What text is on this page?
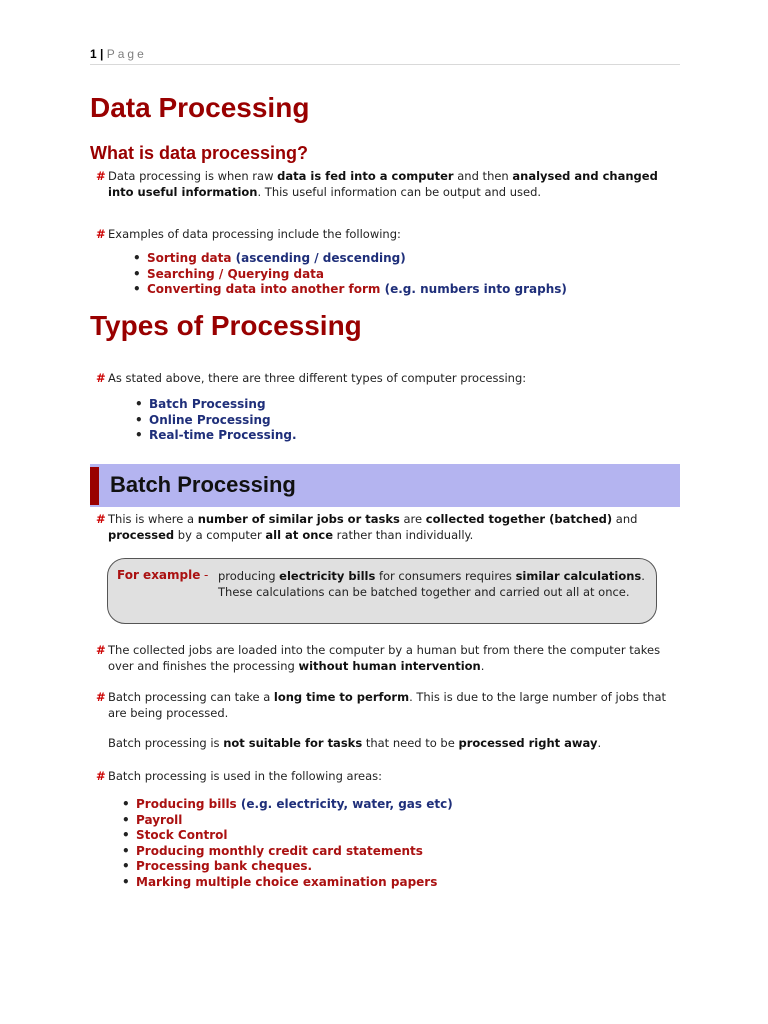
1 | Page
Data Processing
What is data processing?
# Data processing is when raw data is fed into a computer and then analysed and changed into useful information. This useful information can be output and used.
# Examples of data processing include the following:
• Sorting data (ascending / descending)
• Searching / Querying data
• Converting data into another form (e.g. numbers into graphs)
Types of Processing
# As stated above, there are three different types of computer processing:
• Batch Processing
• Online Processing
• Real-time Processing.
Batch Processing
# This is where a number of similar jobs or tasks are collected together (batched) and processed by a computer all at once rather than individually.
For example - producing electricity bills for consumers requires similar calculations. These calculations can be batched together and carried out all at once.
# The collected jobs are loaded into the computer by a human but from there the computer takes over and finishes the processing without human intervention.
# Batch processing can take a long time to perform. This is due to the large number of jobs that are being processed.
Batch processing is not suitable for tasks that need to be processed right away.
# Batch processing is used in the following areas:
• Producing bills (e.g. electricity, water, gas etc)
• Payroll
• Stock Control
• Producing monthly credit card statements
• Processing bank cheques.
• Marking multiple choice examination papers
